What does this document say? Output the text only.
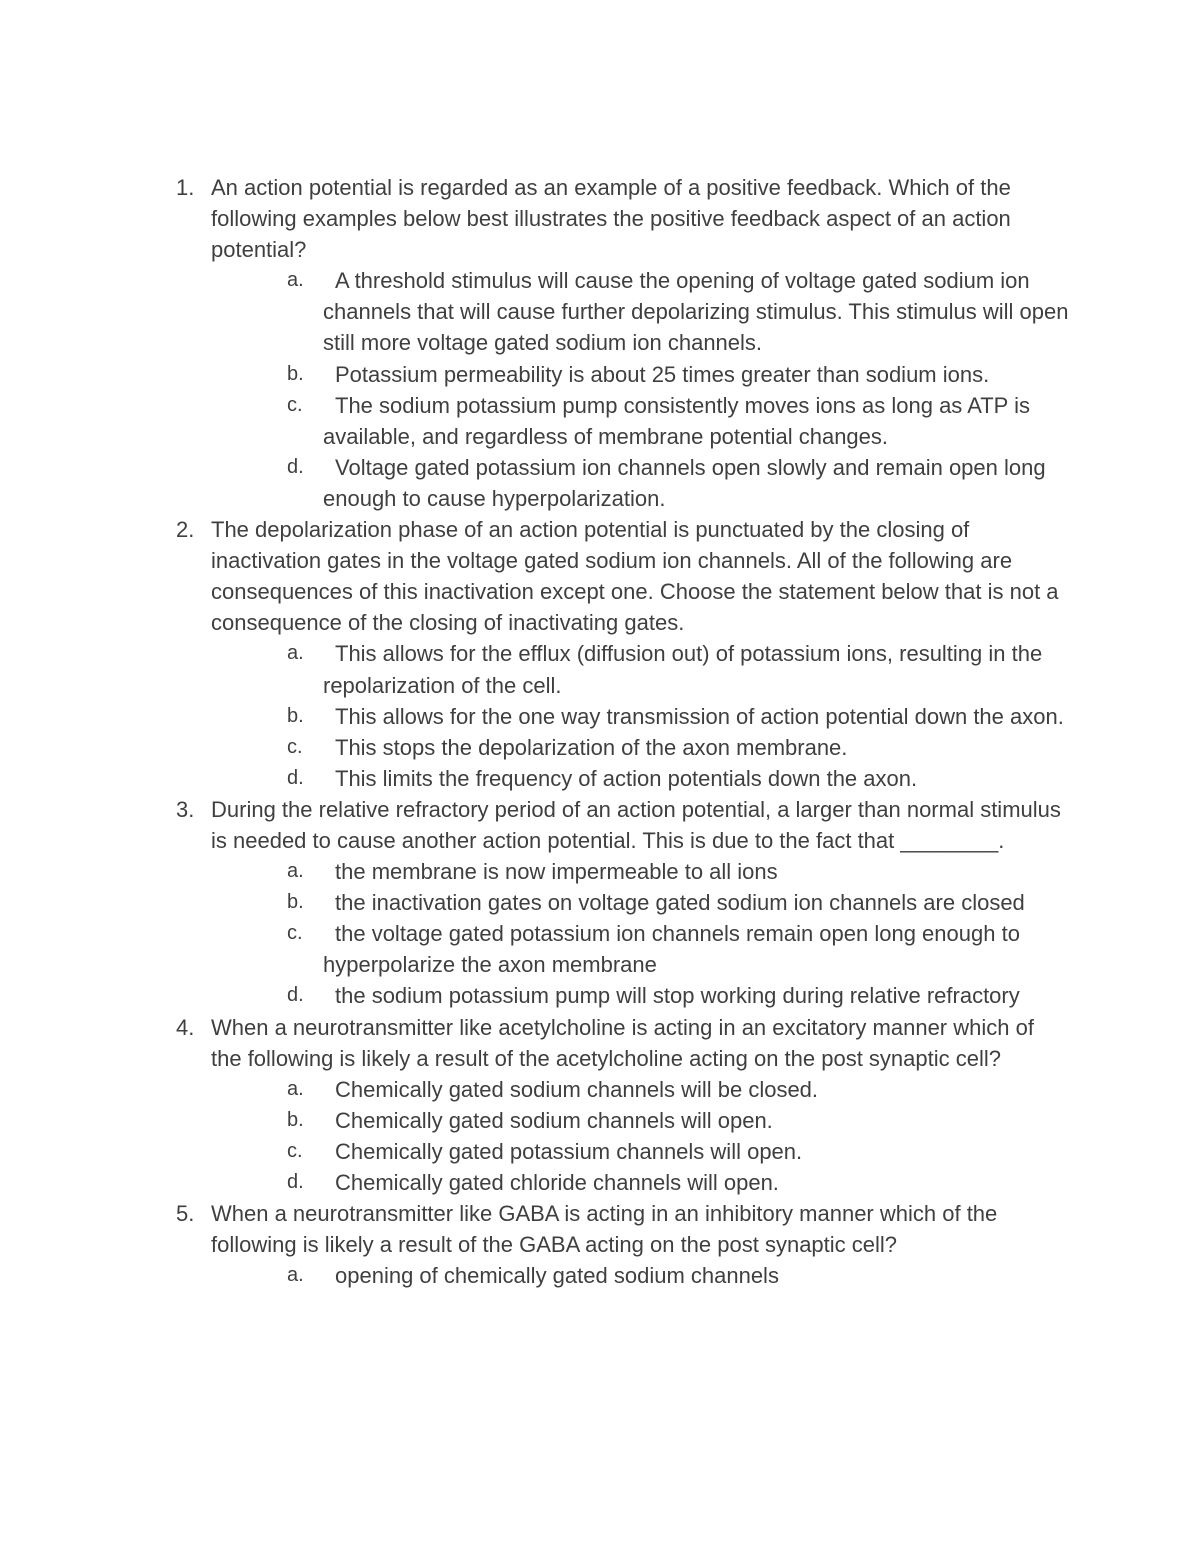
1. An action potential is regarded as an example of a positive feedback. Which of the following examples below best illustrates the positive feedback aspect of an action potential?
a. A threshold stimulus will cause the opening of voltage gated sodium ion channels that will cause further depolarizing stimulus. This stimulus will open still more voltage gated sodium ion channels.
b. Potassium permeability is about 25 times greater than sodium ions.
c. The sodium potassium pump consistently moves ions as long as ATP is available, and regardless of membrane potential changes.
d. Voltage gated potassium ion channels open slowly and remain open long enough to cause hyperpolarization.
2. The depolarization phase of an action potential is punctuated by the closing of inactivation gates in the voltage gated sodium ion channels. All of the following are consequences of this inactivation except one. Choose the statement below that is not a consequence of the closing of inactivating gates.
a. This allows for the efflux (diffusion out) of potassium ions, resulting in the repolarization of the cell.
b. This allows for the one way transmission of action potential down the axon.
c. This stops the depolarization of the axon membrane.
d. This limits the frequency of action potentials down the axon.
3. During the relative refractory period of an action potential, a larger than normal stimulus is needed to cause another action potential. This is due to the fact that ________.
a. the membrane is now impermeable to all ions
b. the inactivation gates on voltage gated sodium ion channels are closed
c. the voltage gated potassium ion channels remain open long enough to hyperpolarize the axon membrane
d. the sodium potassium pump will stop working during relative refractory
4. When a neurotransmitter like acetylcholine is acting in an excitatory manner which of the following is likely a result of the acetylcholine acting on the post synaptic cell?
a. Chemically gated sodium channels will be closed.
b. Chemically gated sodium channels will open.
c. Chemically gated potassium channels will open.
d. Chemically gated chloride channels will open.
5. When a neurotransmitter like GABA is acting in an inhibitory manner which of the following is likely a result of the GABA acting on the post synaptic cell?
a. opening of chemically gated sodium channels
